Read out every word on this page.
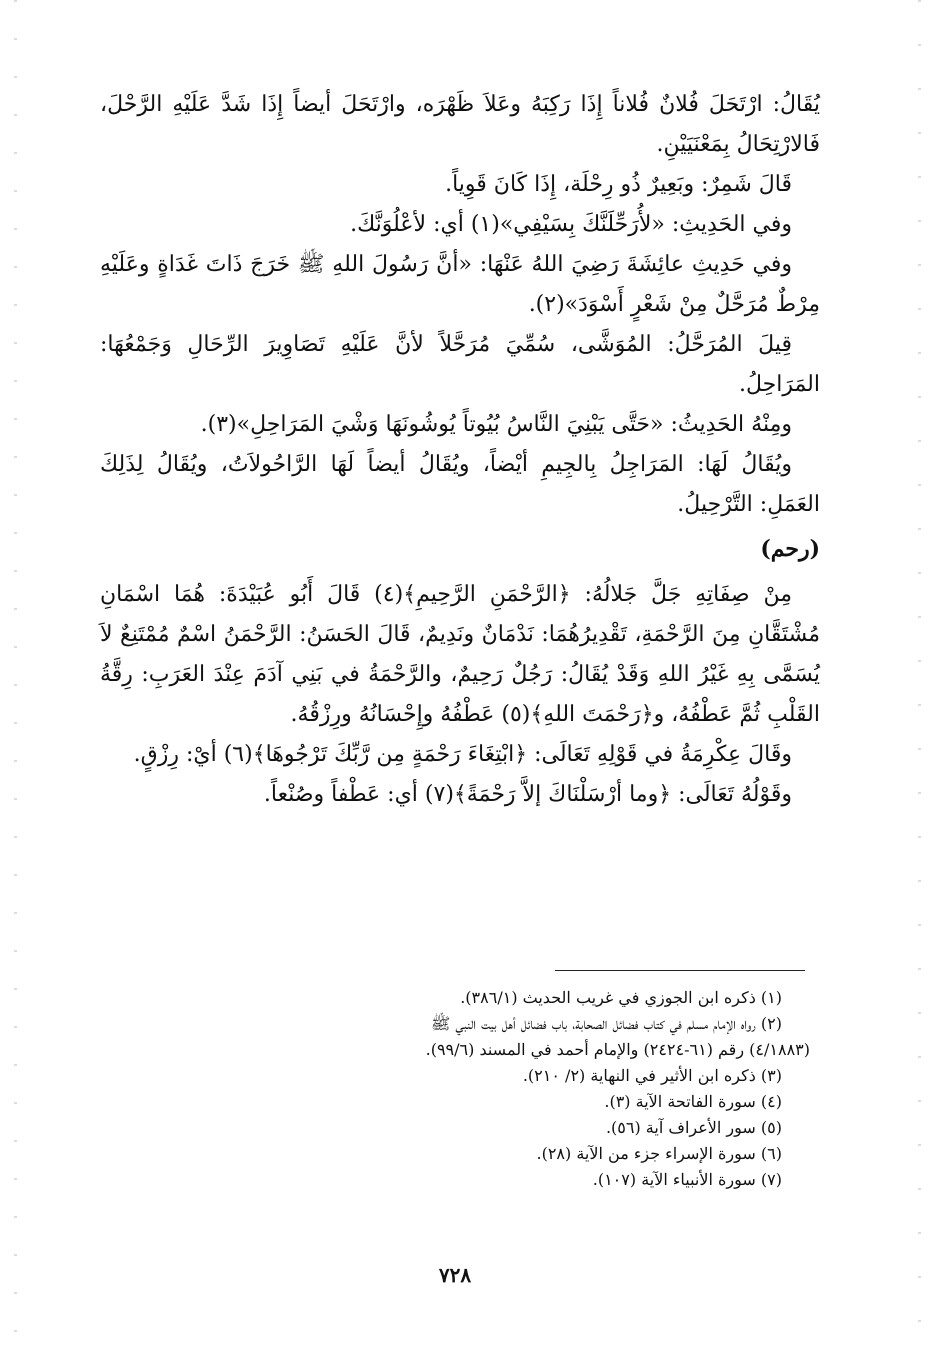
يُقَالُ: ارْتَحَلَ فُلانٌ فُلاناً إِذَا رَكِبَهُ وعَلاَ ظَهْرَه، وارْتَحَلَ أيضاً إِذَا شَدَّ عَلَيْهِ الرَّحْلَ، فَالارْتِحَالُ بِمَعْنَيَيْنِ.

قَالَ شَمِرٌ: وبَعِيرٌ ذُو رِحْلَة، إِذَا كَانَ قَوِياً.

وفي الحَدِيثِ: «لأُرَحِّلَنَّكَ بِسَيْفِي»(١) أي: لأعْلُوَنَّكَ.

وفي حَدِيثِ عائِشَةَ رَضِيَ اللهُ عَنْهَا: «أنَّ رَسُولَ اللهِ ﷺ خَرَجَ ذَاتَ غَدَاةٍ وعَلَيْهِ مِرْطٌ مُرَحَّلٌ مِنْ شَعْرٍ أَسْوَدَ»(٢).

قِيلَ المُرَحَّلُ: المُوَشَّى، سُمِّيَ مُرَحَّلاً لأنَّ عَلَيْهِ تَصَاوِيرَ الرِّحَالِ وَجَمْعُهَا: المَرَاحِلُ.

ومِنْهُ الحَدِيثُ: «حَتَّى يَبْنِيَ النَّاسُ بُيُوتاً يُوشُونَهَا وَشْيَ المَرَاحِلِ»(٣).

ويُقَالُ لَهَا: المَرَاجِلُ بِالجِيمِ أيْضاً، ويُقَالُ أيضاً لَهَا الرَّاحُولاَتُ، ويُقَالُ لِذَلِكَ العَمَلِ: التَّرْحِيلُ.

(رحم)

مِنْ صِفَاتِهِ جَلَّ جَلالُهُ: ﴿الرَّحْمَنِ الرَّحِيمِ﴾(٤) قَالَ أَبُو عُبَيْدَةَ: هُمَا اسْمَانِ مُشْتَقَّانِ مِنَ الرَّحْمَةِ، تَقْدِيرُهُمَا: نَدْمَانٌ ونَدِيمٌ، قَالَ الحَسَنُ: الرَّحْمَنُ اسْمٌ مُمْتَنِعٌ لاَ يُسَمَّى بِهِ غَيْرُ اللهِ وَقَدْ يُقَالُ: رَجُلٌ رَحِيمٌ، والرَّحْمَةُ في بَنِي آدَمَ عِنْدَ العَرَبِ: رِقَّةُ القَلْبِ ثُمَّ عَطْفُهُ، و﴿رَحْمَتَ اللهِ﴾(٥) عَطْفُهُ وإِحْسَانُهُ ورِزْقُهُ.

وقَالَ عِكْرِمَةُ في قَوْلِهِ تَعَالَى: ﴿ابْتِغَاءَ رَحْمَةٍ مِن رَّبِّكَ تَرْجُوهَا﴾(٦) أيْ: رِزْقٍ.

وقَوْلُهُ تَعَالَى: ﴿وما أرْسَلْنَاكَ إلاَّ رَحْمَةً﴾(٧) أي: عَطْفاً وصُنْعاً.

(١) ذكره ابن الجوزي في غريب الحديث (٣٨٦/١).
(٢) رواه الإمام مسلم في كتاب فضائل الصحابة، باب فضائل أهل بيت النبي ﷺ
(٤/١٨٨٣) رقم (٦١-٢٤٢٤) والإمام أحمد في المسند (٩٩/٦).
(٣) ذكره ابن الأثير في النهاية (٢/ ٢١٠).
(٤) سورة الفاتحة الآية (٣).
(٥) سور الأعراف آية (٥٦).
(٦) سورة الإسراء جزء من الآية (٢٨).
(٧) سورة الأنبياء الآية (١٠٧).
٧٢٨
